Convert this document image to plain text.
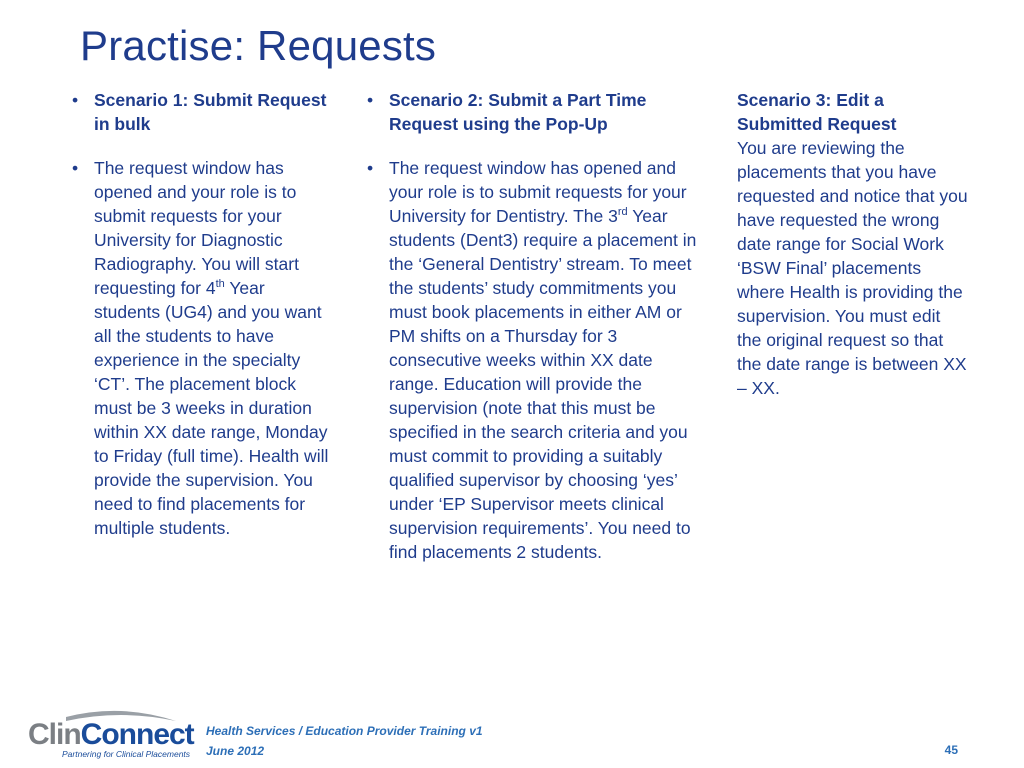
Practise: Requests
• Scenario 1: Submit Request in bulk
• The request window has opened and your role is to submit requests for your University for Diagnostic Radiography. You will start requesting for 4th Year students (UG4) and you want all the students to have experience in the specialty ‘CT’. The placement block must be 3 weeks in duration within XX date range, Monday to Friday (full time). Health will provide the supervision. You need to find placements for multiple students.
• Scenario 2: Submit a Part Time Request using the Pop-Up
• The request window has opened and your role is to submit requests for your University for Dentistry. The 3rd Year students (Dent3) require a placement in the ‘General Dentistry’ stream. To meet the students’ study commitments you must book placements in either AM or PM shifts on a Thursday for 3 consecutive weeks within XX date range. Education will provide the supervision (note that this must be specified in the search criteria and you must commit to providing a suitably qualified supervisor by choosing ‘yes’ under ‘EP Supervisor meets clinical supervision requirements’. You need to find placements 2 students.
Scenario 3: Edit a Submitted Request
You are reviewing the placements that you have requested and notice that you have requested the wrong date range for Social Work ‘BSW Final’ placements where Health is providing the supervision. You must edit the original request so that the date range is between XX – XX.
ClinConnect
Partnering for Clinical Placements
Health Services / Education Provider Training v1
June 2012	45
